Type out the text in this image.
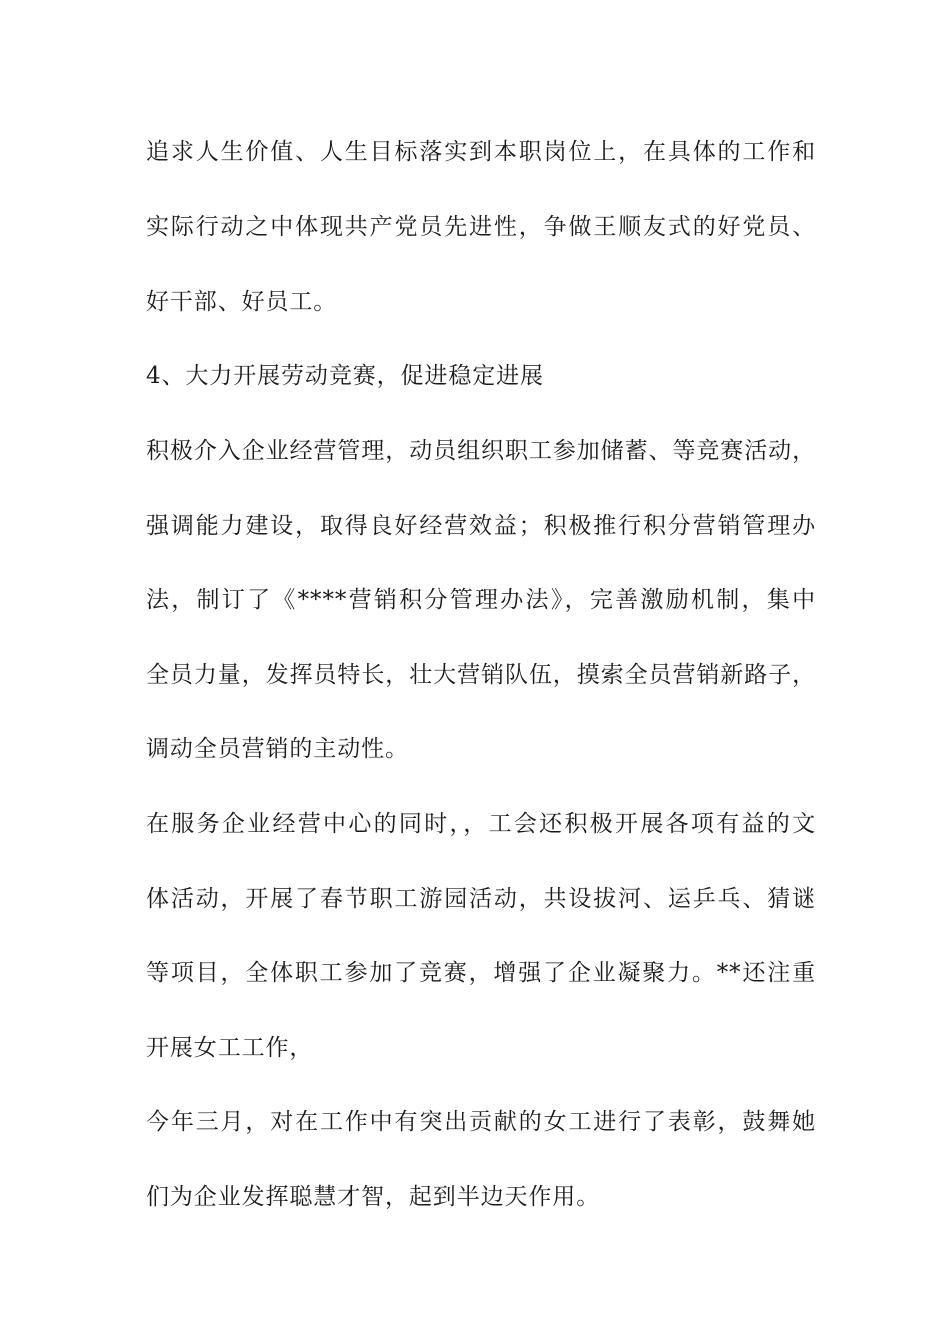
追求人生价值、人生目标落实到本职岗位上，在具体的工作和
实际行动之中体现共产党员先进性，争做王顺友式的好党员、
好干部、好员工。
4、大力开展劳动竞赛，促进稳定进展
积极介入企业经营管理，动员组织职工参加储蓄、等竞赛活动，
强调能力建设，取得良好经营效益；积极推行积分营销管理办
法，制订了《****营销积分管理办法》，完善激励机制，集中
全员力量，发挥员特长，壮大营销队伍，摸索全员营销新路子，
调动全员营销的主动性。
在服务企业经营中心的同时，，工会还积极开展各项有益的文
体活动，开展了春节职工游园活动，共设拔河、运乒乓、猜谜
等项目，全体职工参加了竞赛，增强了企业凝聚力。**还注重
开展女工工作，
今年三月，对在工作中有突出贡献的女工进行了表彰，鼓舞她
们为企业发挥聪慧才智，起到半边天作用。
